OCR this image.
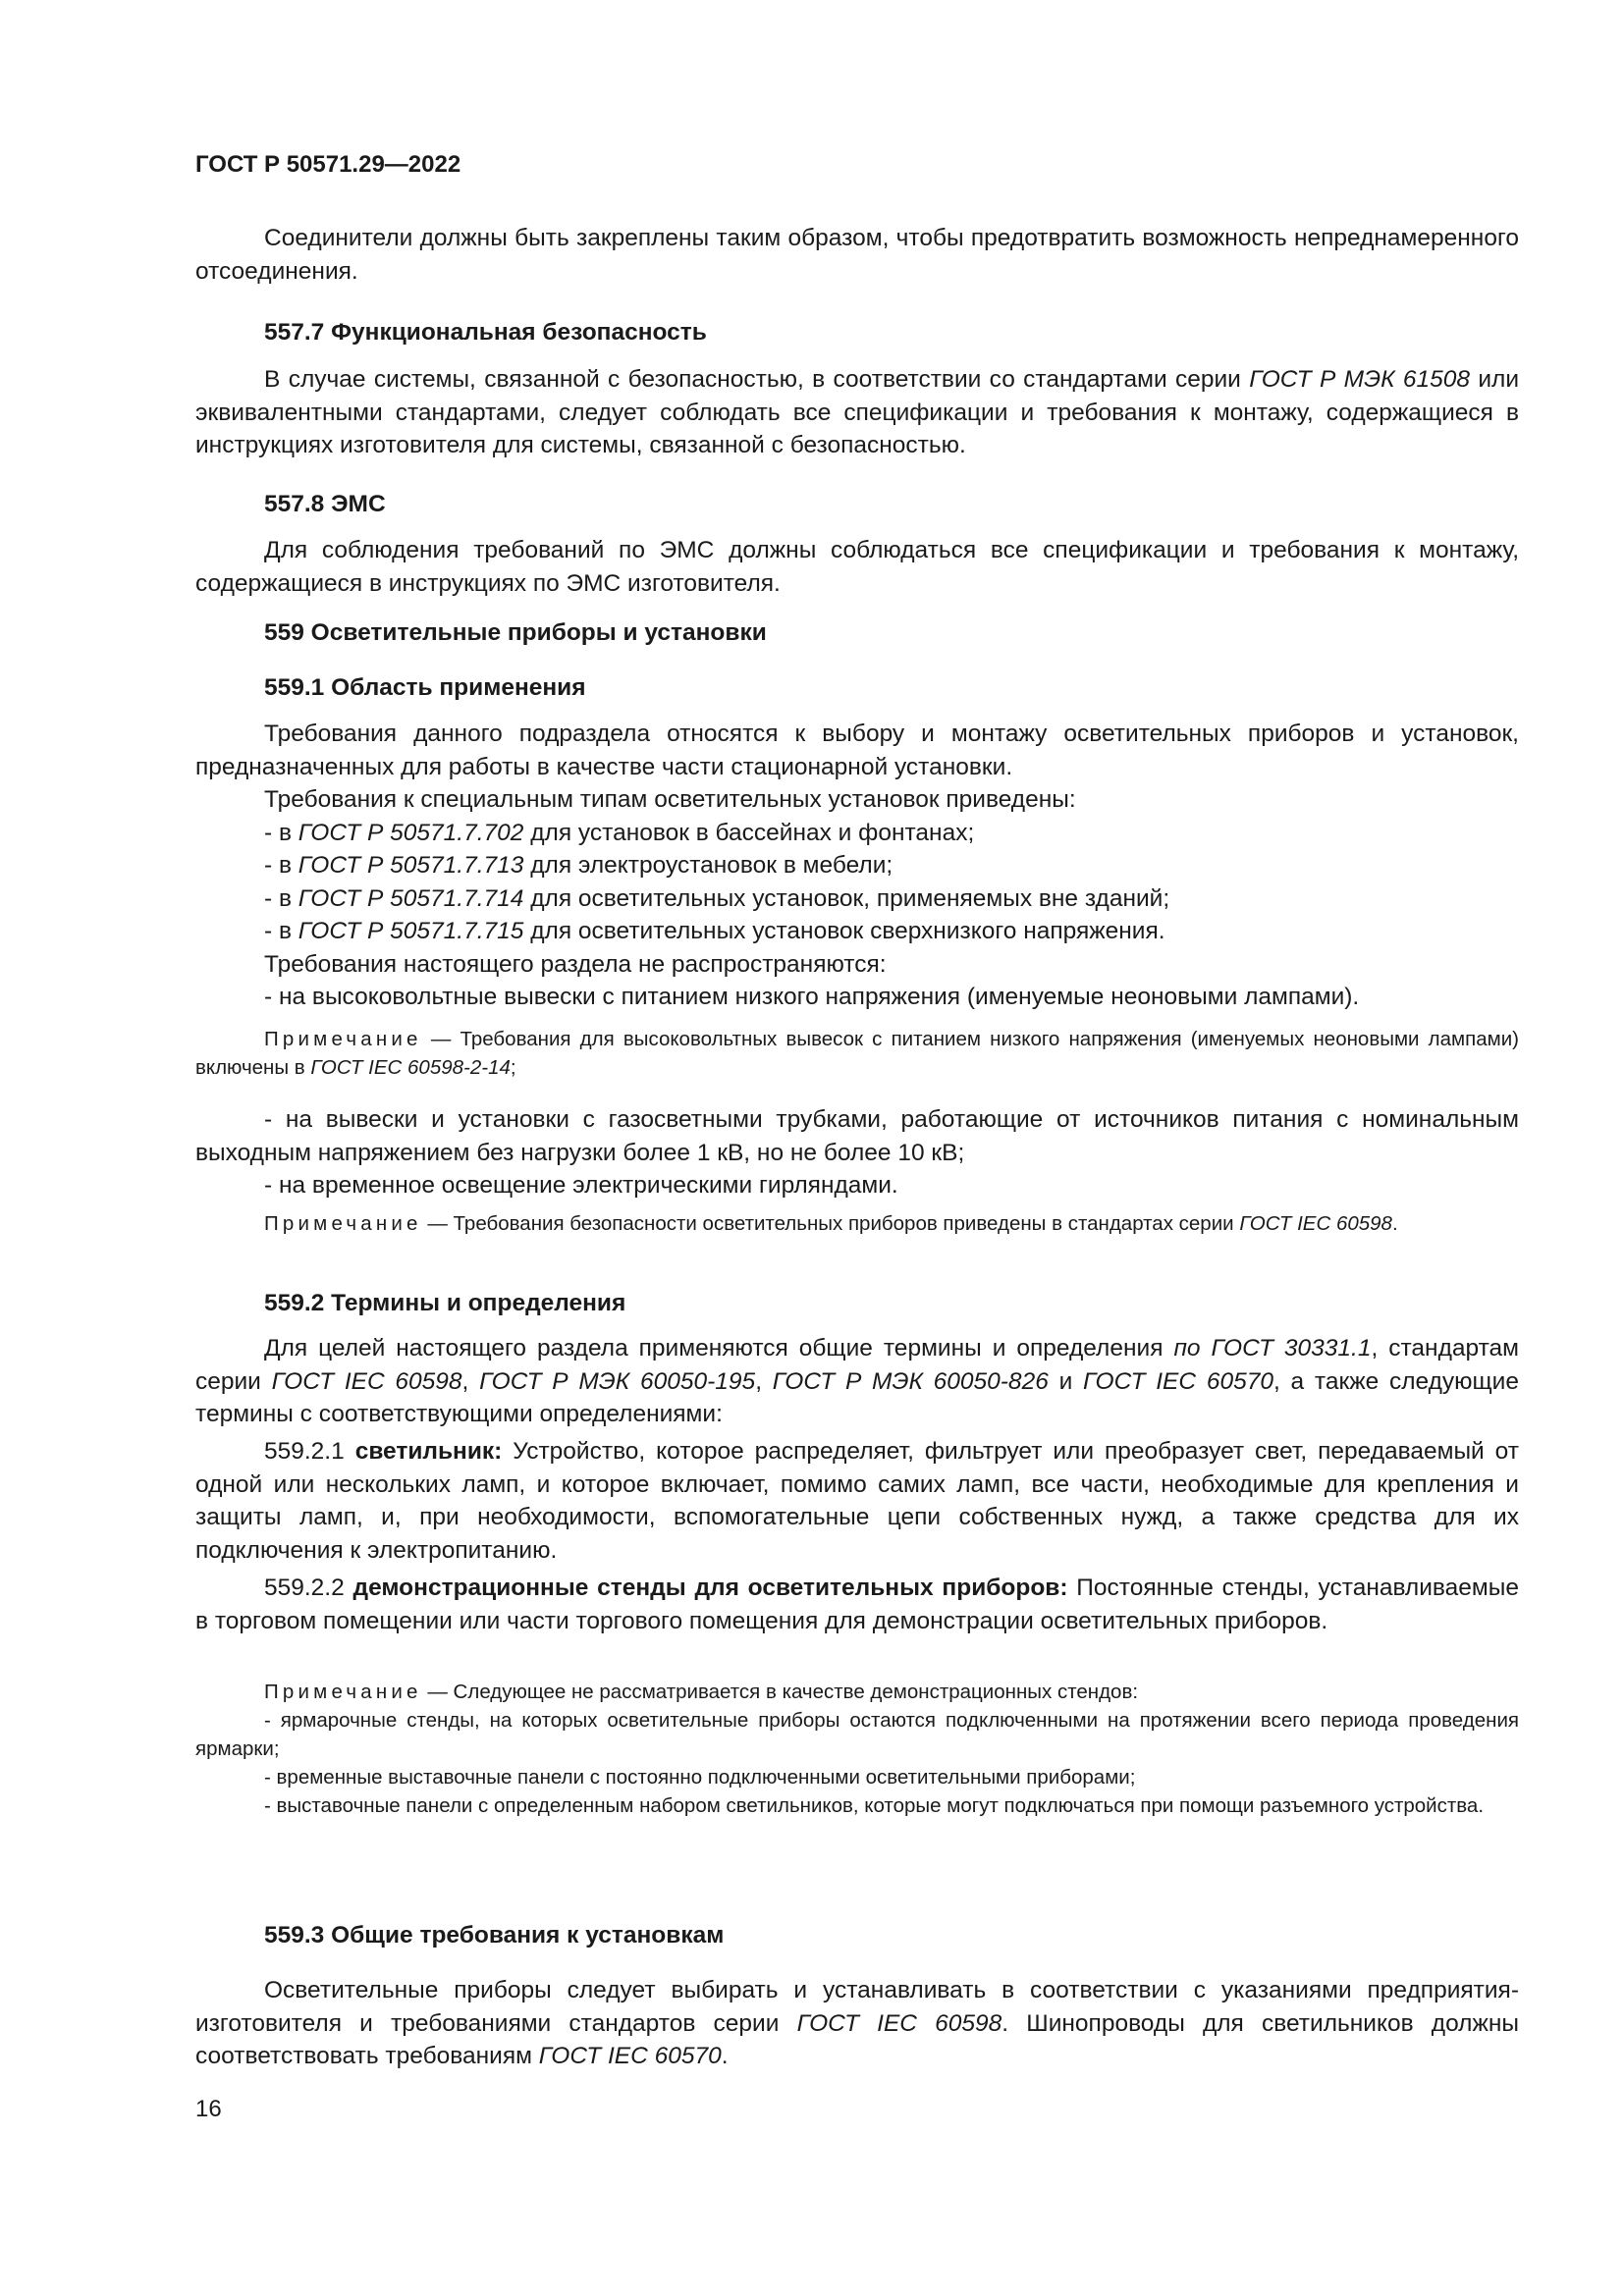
ГОСТ Р 50571.29—2022

Соединители должны быть закреплены таким образом, чтобы предотвратить возможность непреднамеренного отсоединения.

557.7 Функциональная безопасность

В случае системы, связанной с безопасностью, в соответствии со стандартами серии ГОСТ Р МЭК 61508 или эквивалентными стандартами, следует соблюдать все спецификации и требования к монтажу, содержащиеся в инструкциях изготовителя для системы, связанной с безопасностью.

557.8 ЭМС

Для соблюдения требований по ЭМС должны соблюдаться все спецификации и требования к монтажу, содержащиеся в инструкциях по ЭМС изготовителя.

559 Осветительные приборы и установки
559.1 Область применения

Требования данного подраздела относятся к выбору и монтажу осветительных приборов и установок, предназначенных для работы в качестве части стационарной установки.

Требования к специальным типам осветительных установок приведены:
- в ГОСТ Р 50571.7.702 для установок в бассейнах и фонтанах;
- в ГОСТ Р 50571.7.713 для электроустановок в мебели;
- в ГОСТ Р 50571.7.714 для осветительных установок, применяемых вне зданий;
- в ГОСТ Р 50571.7.715 для осветительных установок сверхнизкого напряжения.
Требования настоящего раздела не распространяются:
- на высоковольтные вывески с питанием низкого напряжения (именуемые неоновыми лампами).

Примечание — Требования для высоковольтных вывесок с питанием низкого напряжения (именуемых неоновыми лампами) включены в ГОСТ IEC 60598-2-14;

- на вывески и установки с газосветными трубками, работающие от источников питания с номинальным выходным напряжением без нагрузки более 1 кВ, но не более 10 кВ;

- на временное освещение электрическими гирляндами.

Примечание — Требования безопасности осветительных приборов приведены в стандартах серии ГОСТ IEC 60598.

559.2 Термины и определения

Для целей настоящего раздела применяются общие термины и определения по ГОСТ 30331.1, стандартам серии ГОСТ IEC 60598, ГОСТ Р МЭК 60050-195, ГОСТ Р МЭК 60050-826 и ГОСТ IEC 60570, а также следующие термины с соответствующими определениями:

559.2.1 светильник: Устройство, которое распределяет, фильтрует или преобразует свет, передаваемый от одной или нескольких ламп, и которое включает, помимо самих ламп, все части, необходимые для крепления и защиты ламп, и, при необходимости, вспомогательные цепи собственных нужд, а также средства для их подключения к электропитанию.

559.2.2 демонстрационные стенды для осветительных приборов: Постоянные стенды, устанавливаемые в торговом помещении или части торгового помещения для демонстрации осветительных приборов.

Примечание — Следующее не рассматривается в качестве демонстрационных стендов:
- ярмарочные стенды, на которых осветительные приборы остаются подключенными на протяжении всего периода проведения ярмарки;
- временные выставочные панели с постоянно подключенными осветительными приборами;
- выставочные панели с определенным набором светильников, которые могут подключаться при помощи разъемного устройства.
559.3 Общие требования к установкам

Осветительные приборы следует выбирать и устанавливать в соответствии с указаниями предприятия-изготовителя и требованиями стандартов серии ГОСТ IEC 60598. Шинопроводы для светильников должны соответствовать требованиям ГОСТ IEC 60570.

16
